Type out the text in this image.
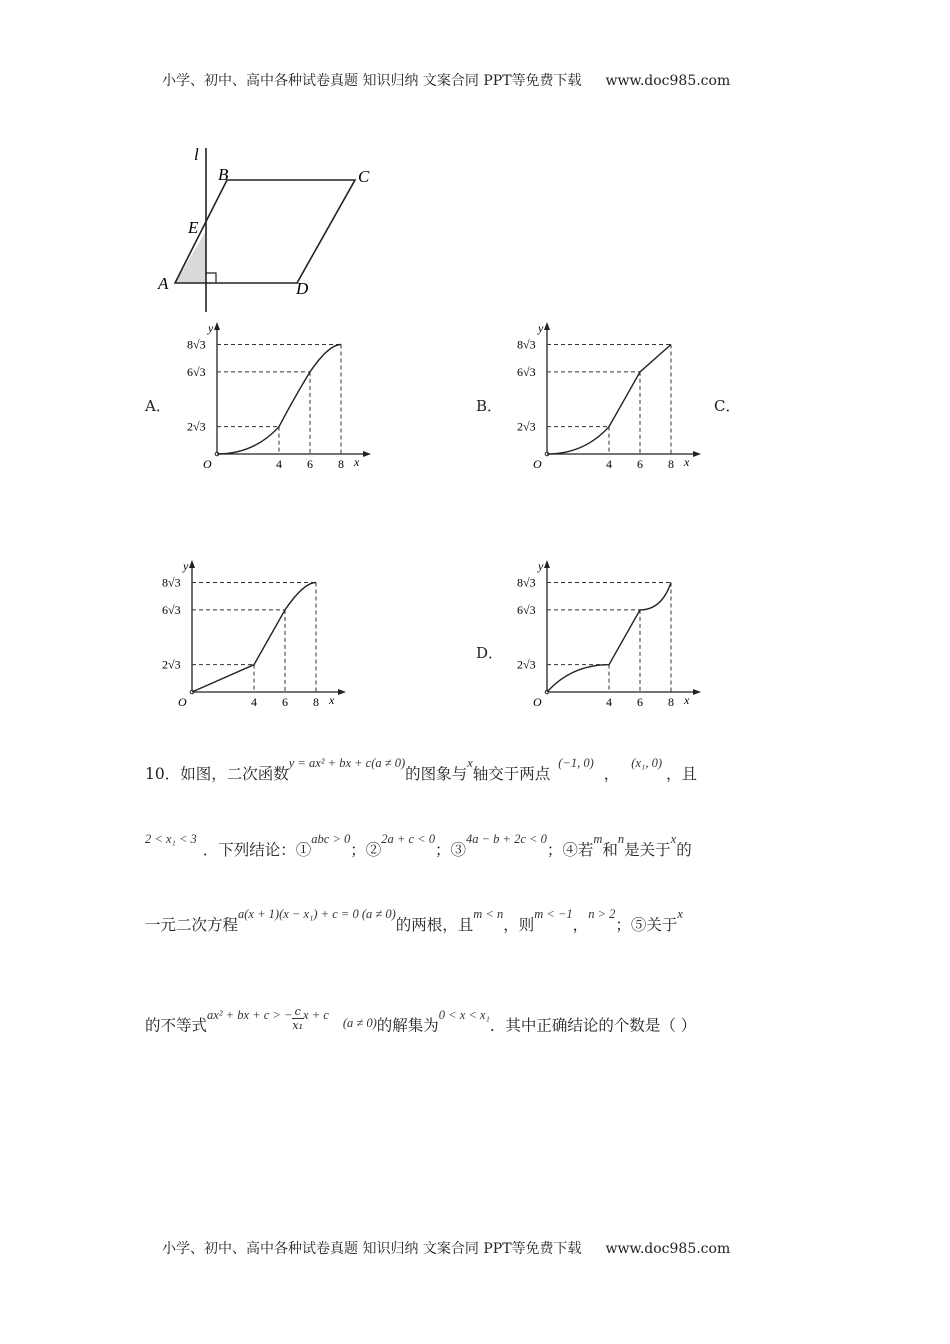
小学、初中、高中各种试卷真题 知识归纳 文案合同 PPT等免费下载 www.doc985.com
l
B	C
E
A	D
A．	B．	C．
D．
y
x
O	4 6 8
8√3
6√3
2√3
y
x
O	4 6 8
8√3
6√3
2√3
y
x
O	4 6 8
8√3
6√3
2√3
y
x
O	4 6 8
8√3
6√3
2√3
10．如图，二次函数$^{y = ax^2 + bx + c(a \ne 0)}$的图象与$^x$轴交于两点$^{(-1, 0)}$，$^{(x_1, 0)}$，且
$^{2 < x_1 < 3}$．下列结论：①$^{abc > 0}$；②$^{2a + c < 0}$；③$^{4a - b + 2c < 0}$；④若$^m$和$^n$是关于$^x$的
一元二次方程$^{a(x + 1)(x - x_1) + c = 0 (a \ne 0)}$的两根，且$^{m < n}$，则$^{m < -1}$，$^{n > 2}$；⑤关于$^x$
的不等式$^{ax^2 + bx + c > -} \frac{c}{\text{x₁}} ^{x + c(a \ne 0)}$的解集为$^{0 < x < x_1}$．其中正确结论的个数是（ ）
小学、初中、高中各种试卷真题 知识归纳 文案合同 PPT等免费下载 www.doc985.com
